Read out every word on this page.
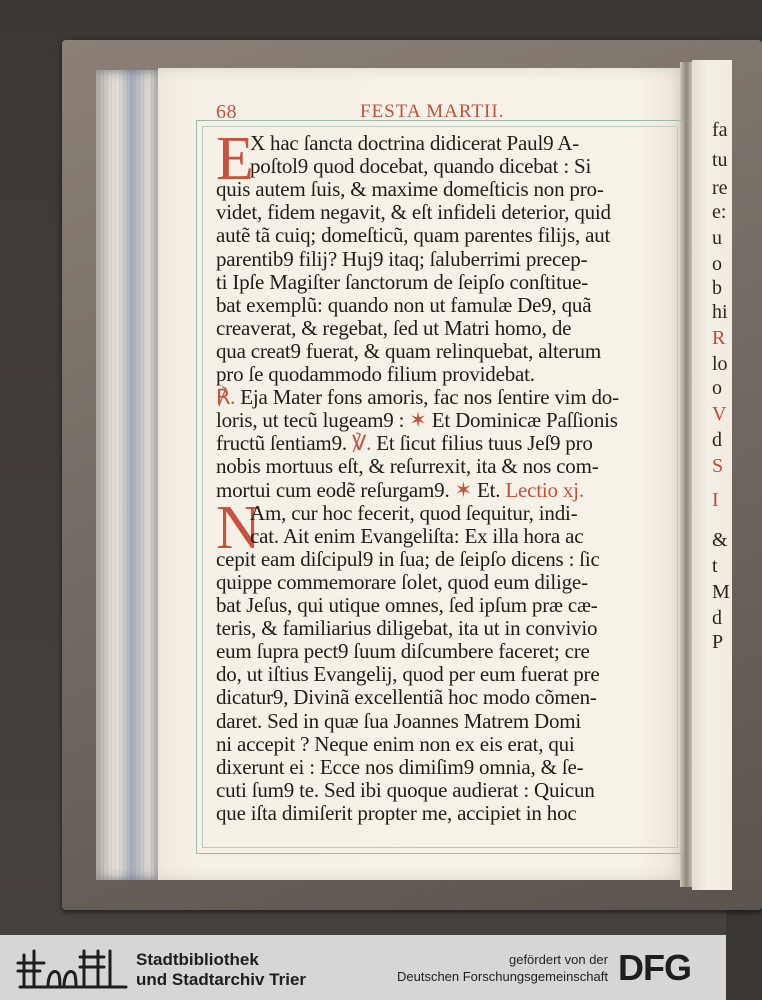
fa
tu
re
e:
u
o
b
hi
R
lo
o
V
d
S
I
&
t
M
d
P
68	FESTA MARTII.
E
N
X hac ſancta doctrina didicerat Paul9 A-
poſtol9 quod docebat, quando dicebat : Si
quis autem ſuis, & maxime domeſticis non pro-
videt, fidem negavit, & eſt infideli deterior, quid
autẽ tã cuiq; domeſticũ, quam parentes filijs, aut
parentib9 filij? Huj9 itaq; ſaluberrimi precep-
ti Ipſe Magiſter ſanctorum de ſeipſo conſtitue-
bat exemplũ: quando non ut famulæ De9, quã
creaverat, & regebat, ſed ut Matri homo, de
qua creat9 fuerat, & quam relinquebat, alterum
pro ſe quodammodo filium providebat.
℟. Eja Mater fons amoris, fac nos ſentire vim do-
loris, ut tecũ lugeam9 : ✶ Et Dominicæ Paſſionis
fructũ ſentiam9. ℣. Et ſicut filius tuus Jeſ9 pro
nobis mortuus eſt, & reſurrexit, ita & nos com-
mortui cum eodẽ reſurgam9. ✶ Et. Lectio xj.
Am, cur hoc fecerit, quod ſequitur, indi-
cat. Ait enim Evangeliſta: Ex illa hora ac
cepit eam diſcipul9 in ſua; de ſeipſo dicens : ſic
quippe commemorare ſolet, quod eum dilige-
bat Jeſus, qui utique omnes, ſed ipſum præ cæ-
teris, & familiarius diligebat, ita ut in convivio
eum ſupra pect9 ſuum diſcumbere faceret; cre
do, ut iſtius Evangelij, quod per eum fuerat pre
dicatur9, Divinã excellentiã hoc modo cõmen-
daret. Sed in quæ ſua Joannes Matrem Domi
ni accepit ? Neque enim non ex eis erat, qui
dixerunt ei : Ecce nos dimiſim9 omnia, & ſe-
cuti ſum9 te. Sed ibi quoque audierat : Quicun
que iſta dimiſerit propter me, accipiet in hoc
Stadtbibliothek
und Stadtarchiv Trier
gefördert von der
Deutschen Forschungsgemeinschaft DFG
